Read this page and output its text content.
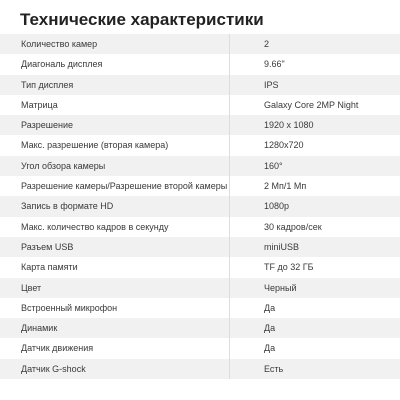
Технические характеристики
Количество камер	2
Диагональ дисплея	9.66"
Тип дисплея	IPS
Матрица	Galaxy Core 2MP Night
Разрешение	1920 x 1080
Макс. разрешение (вторая камера)	1280x720
Угол обзора камеры	160°
Разрешение камеры/Разрешение второй камеры	2 Мп/1 Мп
Запись в формате HD	1080p
Макс. количество кадров в секунду	30 кадров/сек
Разъем USB	miniUSB
Карта памяти	TF до 32 ГБ
Цвет	Черный
Встроенный микрофон	Да
Динамик	Да
Датчик движения	Да
Датчик G-shock	Есть
